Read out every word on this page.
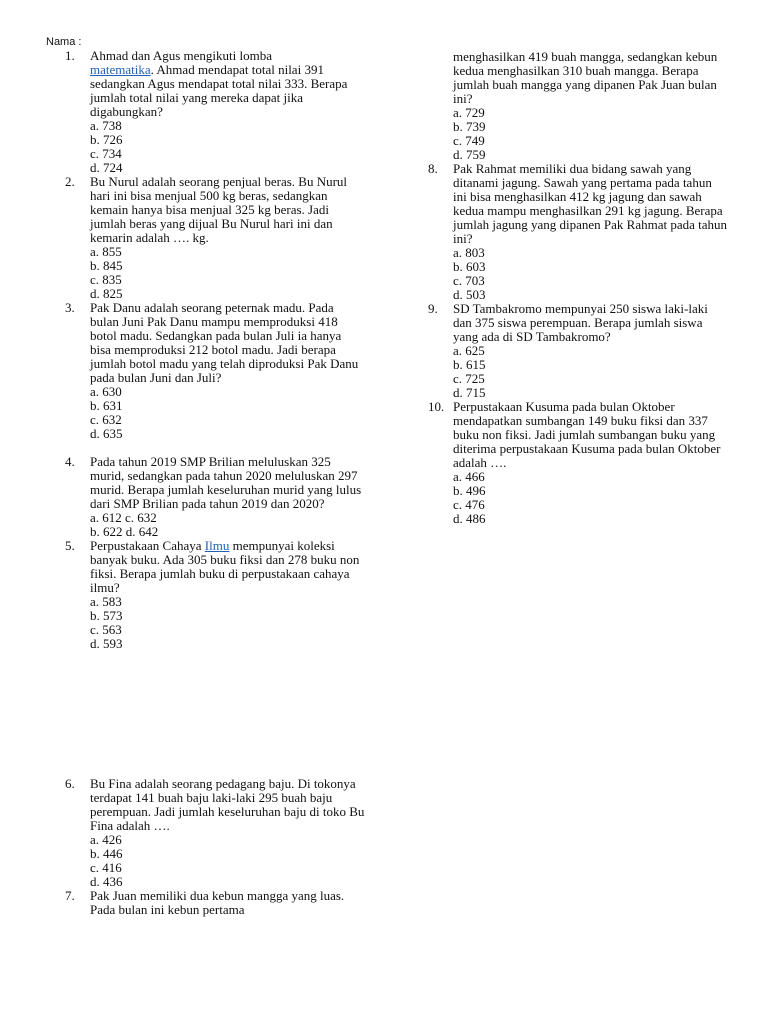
Nama :
1.	Ahmad dan Agus mengikuti lomba
matematika. Ahmad mendapat total nilai 391 sedangkan Agus mendapat total nilai 333. Berapa jumlah total nilai yang mereka dapat jika digabungkan?
a. 738
b. 726
c. 734
d. 724
2.	Bu Nurul adalah seorang penjual beras. Bu Nurul hari ini bisa menjual 500 kg beras, sedangkan kemain hanya bisa menjual 325 kg beras. Jadi jumlah beras yang dijual Bu Nurul hari ini dan kemarin adalah …. kg.
a. 855
b. 845
c. 835
d. 825
3.	Pak Danu adalah seorang peternak madu. Pada bulan Juni Pak Danu mampu memproduksi 418 botol madu. Sedangkan pada bulan Juli ia hanya bisa memproduksi 212 botol madu. Jadi berapa jumlah botol madu yang telah diproduksi Pak Danu pada bulan Juni dan Juli?
a. 630
b. 631
c. 632
d. 635
4.	Pada tahun 2019 SMP Brilian meluluskan 325 murid, sedangkan pada tahun 2020 meluluskan 297 murid. Berapa jumlah keseluruhan murid yang lulus dari SMP Brilian pada tahun 2019 dan 2020?
a. 612 c. 632
b. 622 d. 642
5.	Perpustakaan Cahaya Ilmu mempunyai koleksi banyak buku. Ada 305 buku fiksi dan 278 buku non fiksi. Berapa jumlah buku di perpustakaan cahaya ilmu?
a. 583
b. 573
c. 563
d. 593
6.	Bu Fina adalah seorang pedagang baju. Di tokonya terdapat 141 buah baju laki-laki 295 buah baju perempuan. Jadi jumlah keseluruhan baju di toko Bu Fina adalah ….
a. 426
b. 446
c. 416
d. 436
7.	Pak Juan memiliki dua kebun mangga yang luas. Pada bulan ini kebun pertama
menghasilkan 419 buah mangga, sedangkan kebun kedua menghasilkan 310 buah mangga. Berapa jumlah buah mangga yang dipanen Pak Juan bulan ini?
a. 729
b. 739
c. 749
d. 759
8.	Pak Rahmat memiliki dua bidang sawah yang ditanami jagung. Sawah yang pertama pada tahun ini bisa menghasilkan 412 kg jagung dan sawah kedua mampu menghasilkan 291 kg jagung. Berapa jumlah jagung yang dipanen Pak Rahmat pada tahun ini?
a. 803
b. 603
c. 703
d. 503
9.	SD Tambakromo mempunyai 250 siswa laki-laki dan 375 siswa perempuan. Berapa jumlah siswa yang ada di SD Tambakromo?
a. 625
b. 615
c. 725
d. 715
10. Perpustakaan Kusuma pada bulan Oktober mendapatkan sumbangan 149 buku fiksi dan 337 buku non fiksi. Jadi jumlah sumbangan buku yang diterima perpustakaan Kusuma pada bulan Oktober adalah ….
a. 466
b. 496
c. 476
d. 486
